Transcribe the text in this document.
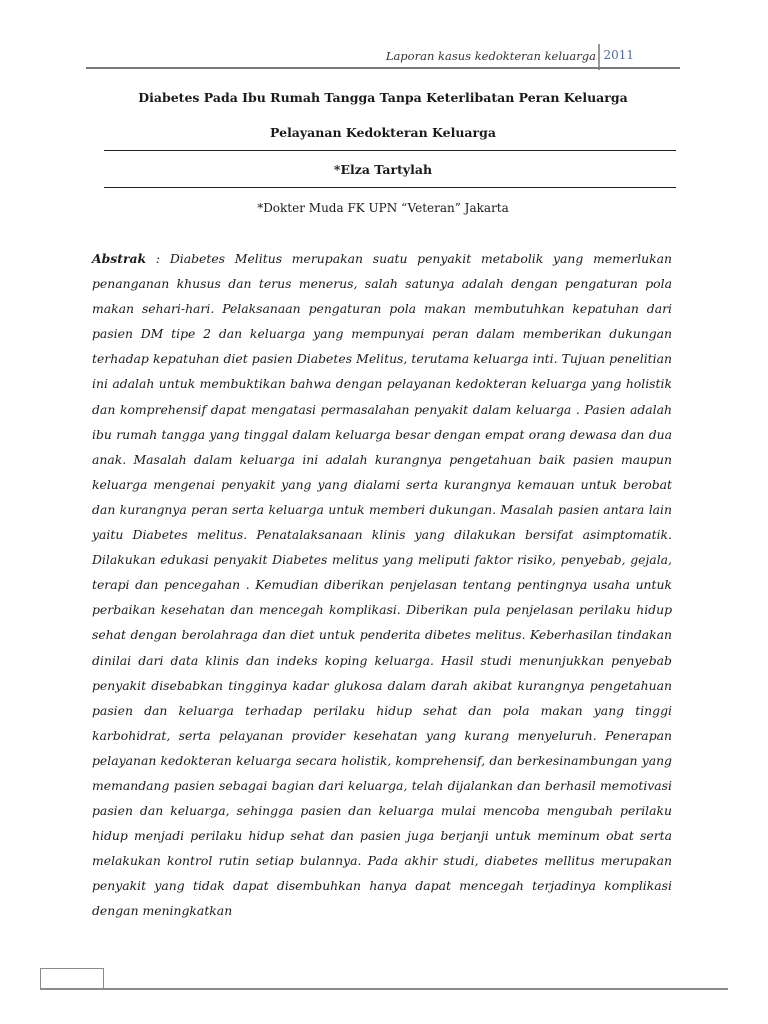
Laporan kasus kedokteran keluarga 2011
Diabetes Pada Ibu Rumah Tangga Tanpa Keterlibatan Peran Keluarga
Pelayanan Kedokteran Keluarga
*Elza Tartylah
*Dokter Muda FK UPN “Veteran” Jakarta
Abstrak : Diabetes Melitus merupakan suatu penyakit metabolik yang memerlukan penanganan khusus dan terus menerus, salah satunya adalah dengan pengaturan pola makan sehari-hari. Pelaksanaan pengaturan pola makan membutuhkan kepatuhan dari pasien DM tipe 2 dan keluarga yang mempunyai peran dalam memberikan dukungan terhadap kepatuhan diet pasien Diabetes Melitus, terutama keluarga inti. Tujuan penelitian ini adalah untuk membuktikan bahwa dengan pelayanan kedokteran keluarga yang holistik dan komprehensif dapat mengatasi permasalahan penyakit dalam keluarga . Pasien adalah ibu rumah tangga yang tinggal dalam keluarga besar dengan empat orang dewasa dan dua anak. Masalah dalam keluarga ini adalah kurangnya pengetahuan baik pasien maupun keluarga mengenai penyakit yang yang dialami serta kurangnya kemauan untuk berobat dan kurangnya peran serta keluarga untuk memberi dukungan. Masalah pasien antara lain yaitu Diabetes melitus. Penatalaksanaan klinis yang dilakukan bersifat asimptomatik. Dilakukan edukasi penyakit Diabetes melitus yang meliputi faktor risiko, penyebab, gejala, terapi dan pencegahan . Kemudian diberikan penjelasan tentang pentingnya usaha untuk perbaikan kesehatan dan mencegah komplikasi. Diberikan pula penjelasan perilaku hidup sehat dengan berolahraga dan diet untuk penderita dibetes melitus. Keberhasilan tindakan dinilai dari data klinis dan indeks koping keluarga. Hasil studi menunjukkan penyebab penyakit disebabkan tingginya kadar glukosa dalam darah akibat kurangnya pengetahuan pasien dan keluarga terhadap perilaku hidup sehat dan pola makan yang tinggi karbohidrat, serta pelayanan provider kesehatan yang kurang menyeluruh. Penerapan pelayanan kedokteran keluarga secara holistik, komprehensif, dan berkesinambungan yang memandang pasien sebagai bagian dari keluarga, telah dijalankan dan berhasil memotivasi pasien dan keluarga, sehingga pasien dan keluarga mulai mencoba mengubah perilaku hidup menjadi perilaku hidup sehat dan pasien juga berjanji untuk meminum obat serta melakukan kontrol rutin setiap bulannya. Pada akhir studi, diabetes mellitus merupakan penyakit yang tidak dapat disembuhkan hanya dapat mencegah terjadinya komplikasi dengan meningkatkan
